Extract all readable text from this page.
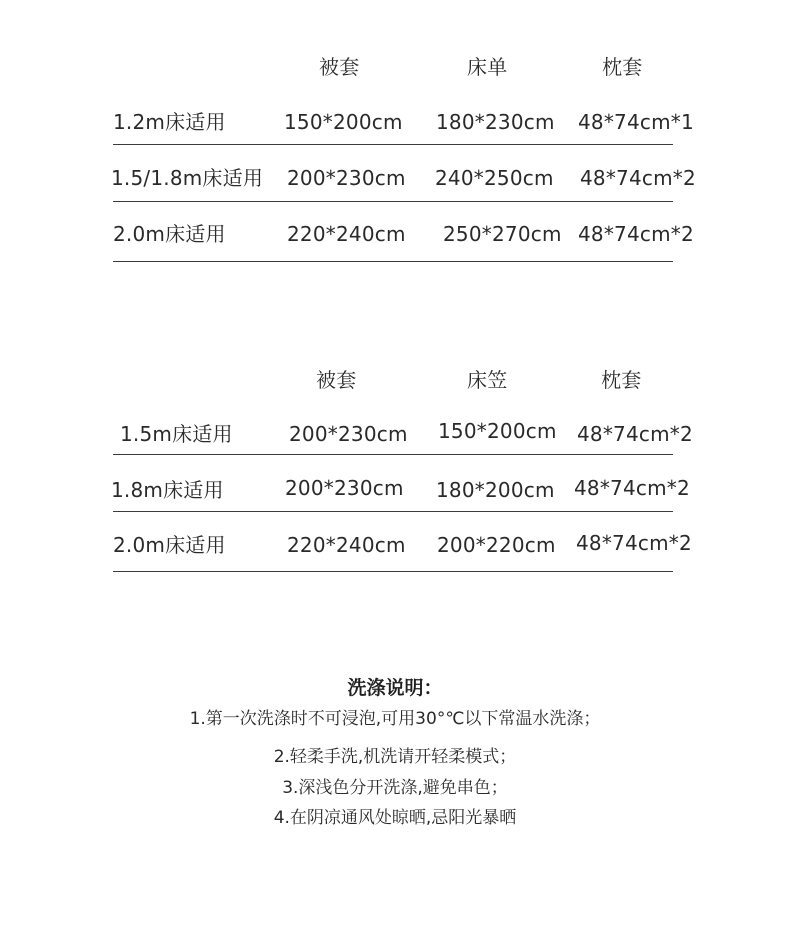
被套	床单	枕套
1.2m床适用	150*200cm 180*230cm 48*74cm*1
1.5/1.8m床适用 200*230cm 240*250cm 48*74cm*2
2.0m床适用	220*240cm 250*270cm 48*74cm*2
被套	床笠	枕套
1.5m床适用	200*230cm 150*200cm 48*74cm*2
1.8m床适用	200*230cm 180*200cm 48*74cm*2
2.0m床适用	220*240cm 200*220cm 48*74cm*2
洗涤说明：
1.第一次洗涤时不可浸泡,可用30°℃以下常温水洗涤；
2.轻柔手洗,机洗请开轻柔模式；
3.深浅色分开洗涤,避免串色；
4.在阴凉通风处晾晒,忌阳光暴晒
